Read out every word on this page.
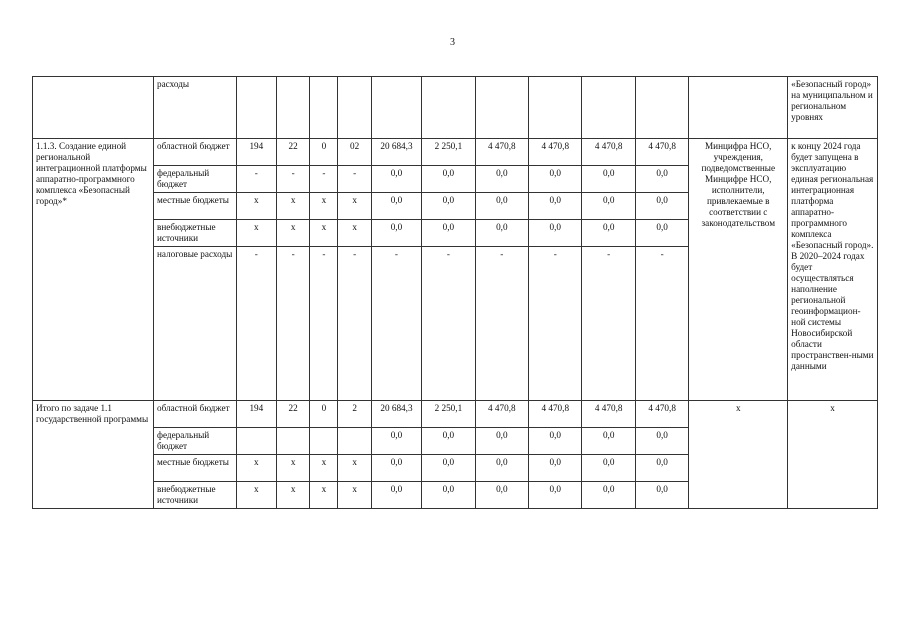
3
	расходы												«Безопасный город» на муниципальном и региональном уровнях
1.1.3. Создание единой региональной интеграционной платформы аппаратно-программного комплекса «Безопасный город»*	областной бюджет	194	22	0	02	20 684,3	2 250,1	4 470,8	4 470,8	4 470,8	4 470,8	Минцифра НСО, учреждения, подведомственные Минцифре НСО, исполнители, привлекаемые в соответствии с законодательством	к концу 2024 года будет запущена в эксплуатацию единая региональная интеграционная платформа аппаратно-программного комплекса «Безопасный город». В 2020–2024 годах будет осуществляться наполнение региональной геоинформацион-ной системы Новосибирской области пространствен-ными данными
	федеральный бюджет	-	-	-	-	0,0	0,0	0,0	0,0	0,0	0,0		
	местные бюджеты	x	x	x	x	0,0	0,0	0,0	0,0	0,0	0,0		
	внебюджетные источники	x	x	x	x	0,0	0,0	0,0	0,0	0,0	0,0		
	налоговые расходы	-	-	-	-	-	-	-	-	-	-		
Итого по задаче 1.1 государственной программы	областной бюджет	194	22	0	2	20 684,3	2 250,1	4 470,8	4 470,8	4 470,8	4 470,8	x	x
	федеральный бюджет					0,0	0,0	0,0	0,0	0,0	0,0		
	местные бюджеты	x	x	x	x	0,0	0,0	0,0	0,0	0,0	0,0		
	внебюджетные источники	x	x	x	x	0,0	0,0	0,0	0,0	0,0	0,0		
